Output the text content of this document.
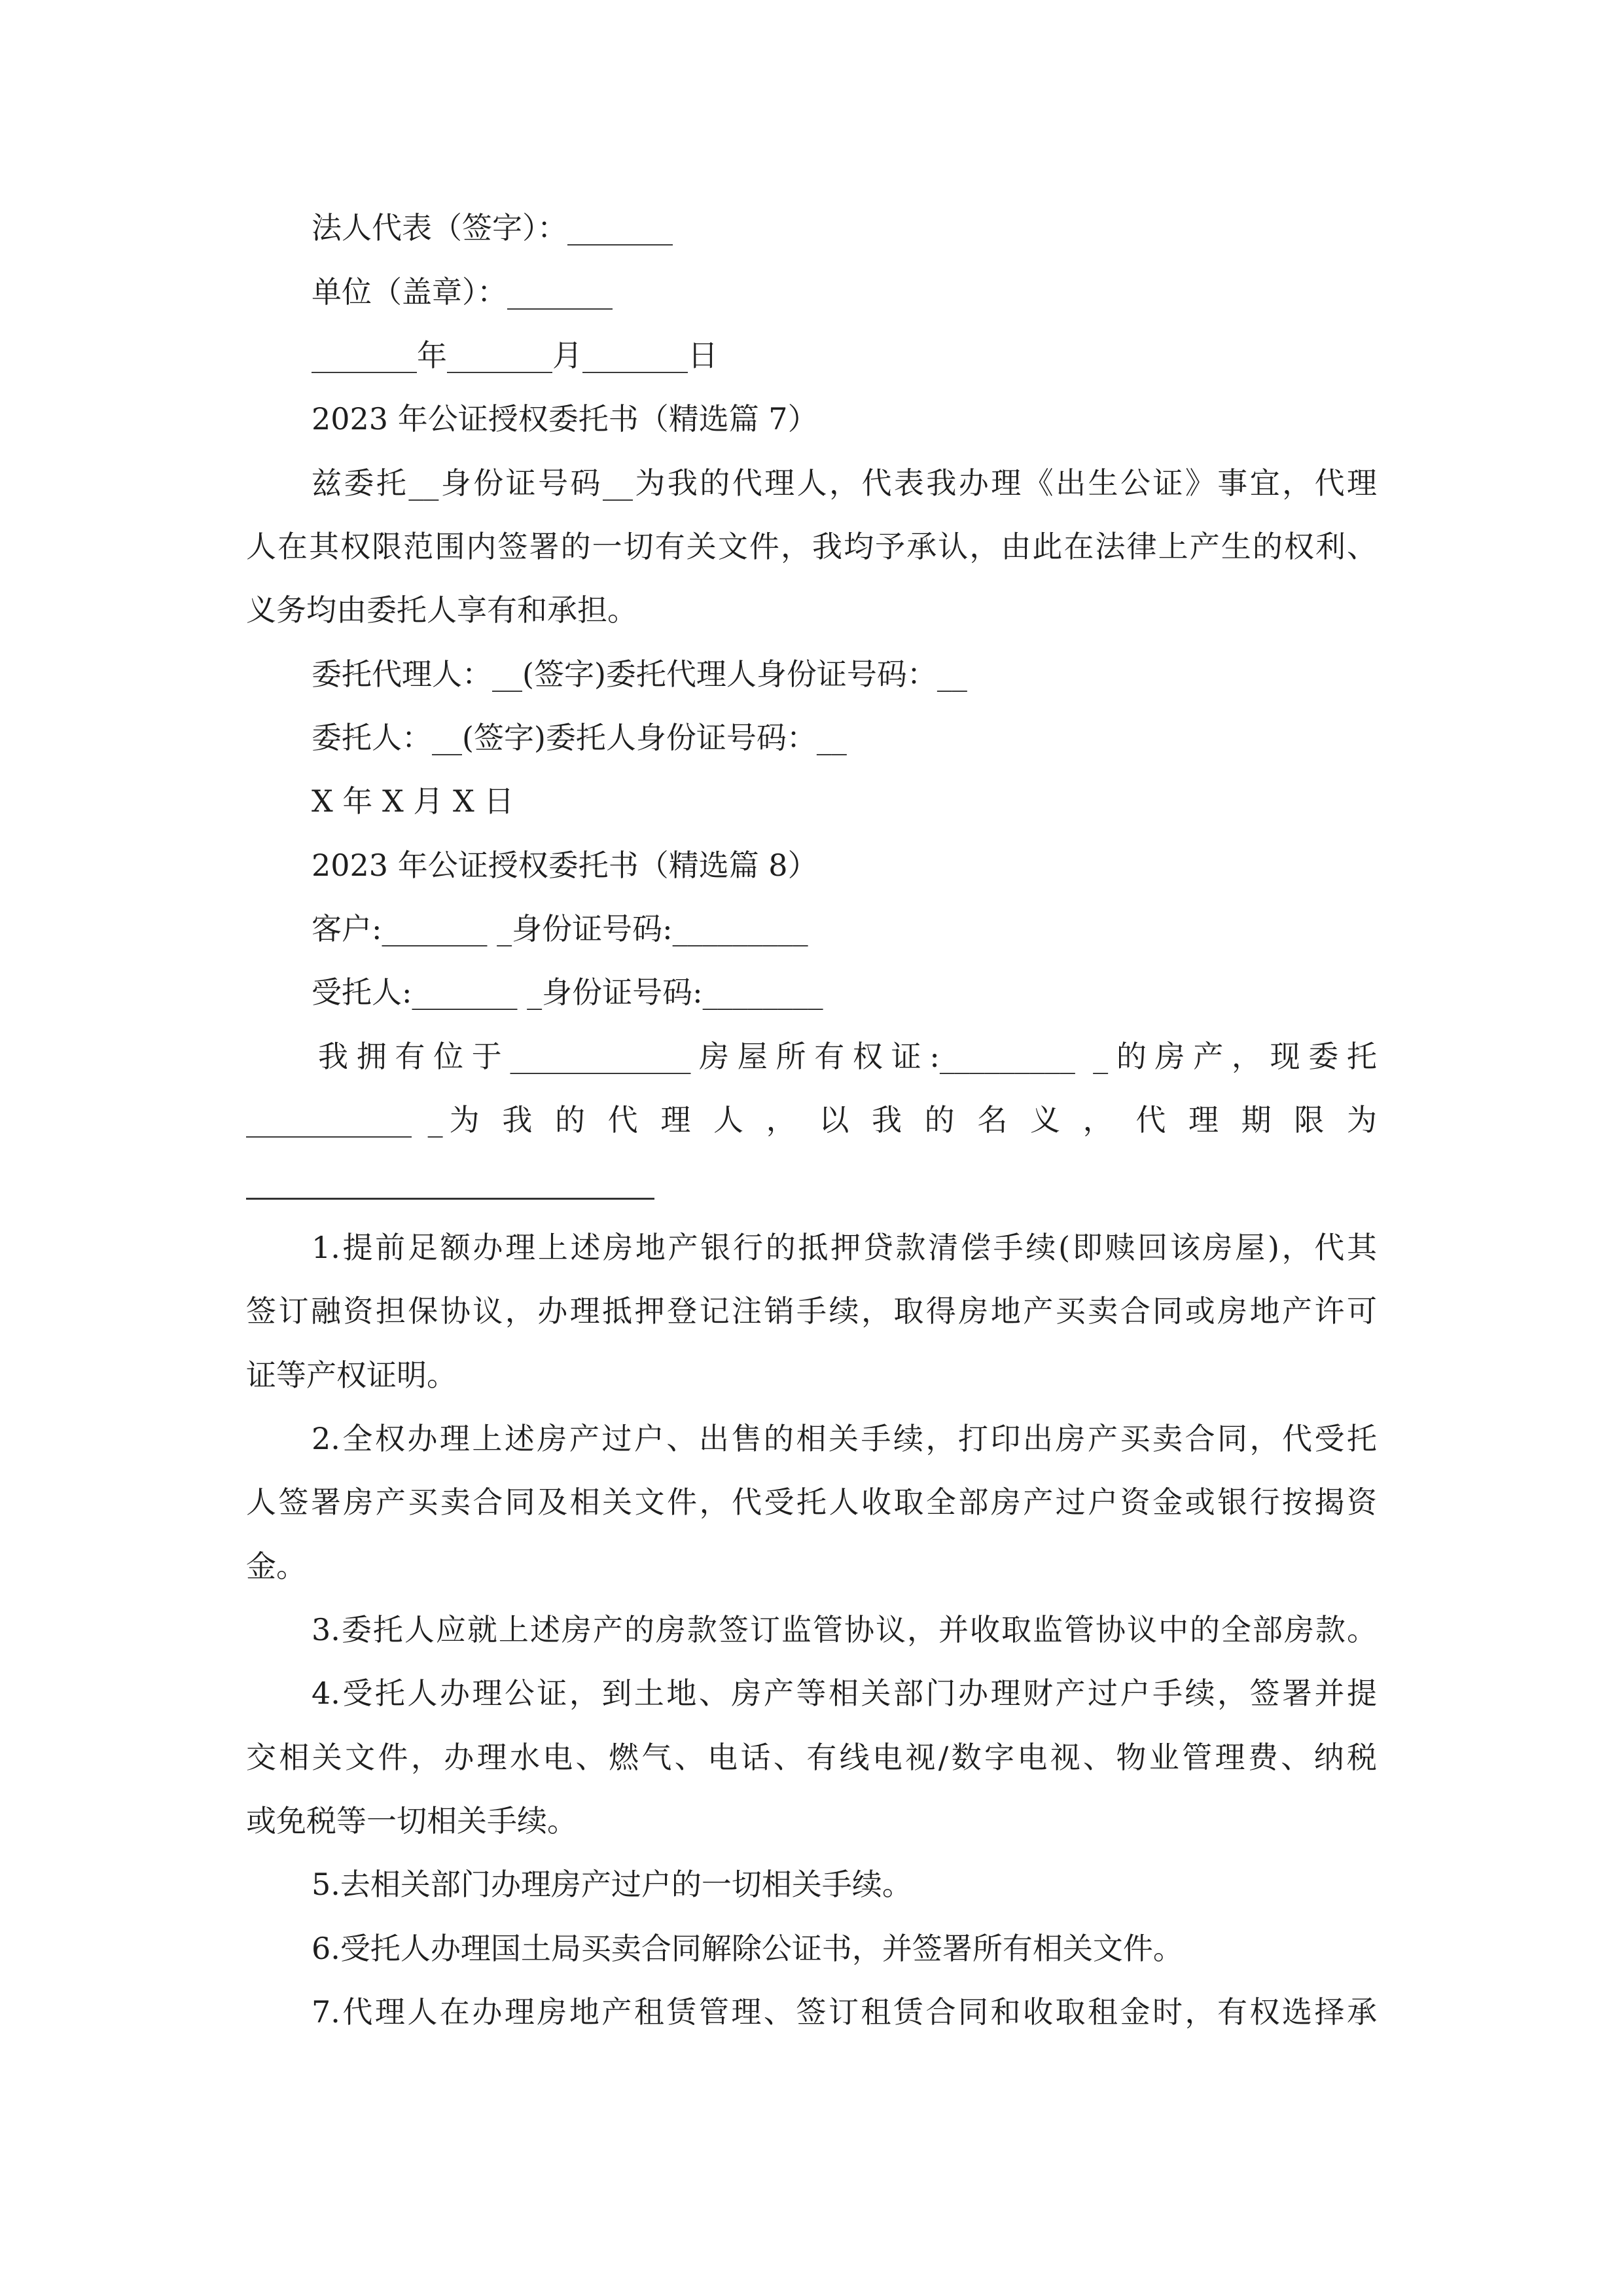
法人代表（签字）：_______
单位（盖章）：_______
_______年_______月_______日
2023 年公证授权委托书（精选篇 7）
兹委托__身份证号码__为我的代理人，代表我办理《出生公证》事宜，代理
人在其权限范围内签署的一切有关文件，我均予承认，由此在法律上产生的权利、
义务均由委托人享有和承担。
委托代理人：__(签字)委托代理人身份证号码：__
委托人：__(签字)委托人身份证号码：__
X 年 X 月 X 日
2023 年公证授权委托书（精选篇 8）
客户:_______ _身份证号码:_________
受托人:_______ _身份证号码:________
我拥有位于____________房屋所有权证:_________ _的房产，现委托
___________ _为 我 的 代 理 人 ， 以 我 的 名 义 ， 代 理 期 限 为
1.提前足额办理上述房地产银行的抵押贷款清偿手续(即赎回该房屋)，代其
签订融资担保协议，办理抵押登记注销手续，取得房地产买卖合同或房地产许可
证等产权证明。
2.全权办理上述房产过户、出售的相关手续，打印出房产买卖合同，代受托
人签署房产买卖合同及相关文件，代受托人收取全部房产过户资金或银行按揭资
金。
3.委托人应就上述房产的房款签订监管协议，并收取监管协议中的全部房款。
4.受托人办理公证，到土地、房产等相关部门办理财产过户手续，签署并提
交相关文件，办理水电、燃气、电话、有线电视/数字电视、物业管理费、纳税
或免税等一切相关手续。
5.去相关部门办理房产过户的一切相关手续。
6.受托人办理国土局买卖合同解除公证书，并签署所有相关文件。
7.代理人在办理房地产租赁管理、签订租赁合同和收取租金时，有权选择承
